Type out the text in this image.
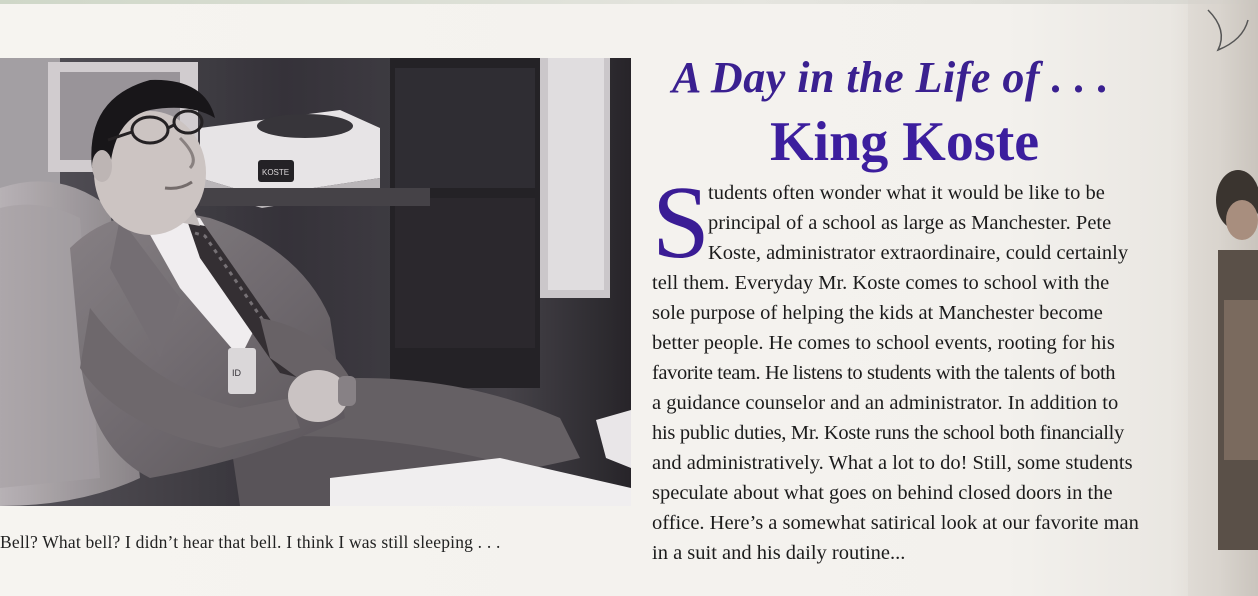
KOSTE
ID
Bell? What bell? I didn’t hear that bell. I think I was still sleeping . . .
A Day in the Life of . . .
King Koste
S
tudents often wonder what it would be like to be
principal of a school as large as Manchester. Pete
Koste, administrator extraordinaire, could certainly
tell them. Everyday Mr. Koste comes to school with the
sole purpose of helping the kids at Manchester become
better people. He comes to school events, rooting for his
favorite team. He listens to students with the talents of both
a guidance counselor and an administrator. In addition to
his public duties, Mr. Koste runs the school both financially
and administratively. What a lot to do! Still, some students
speculate about what goes on behind closed doors in the
office. Here’s a somewhat satirical look at our favorite man
in a suit and his daily routine...
